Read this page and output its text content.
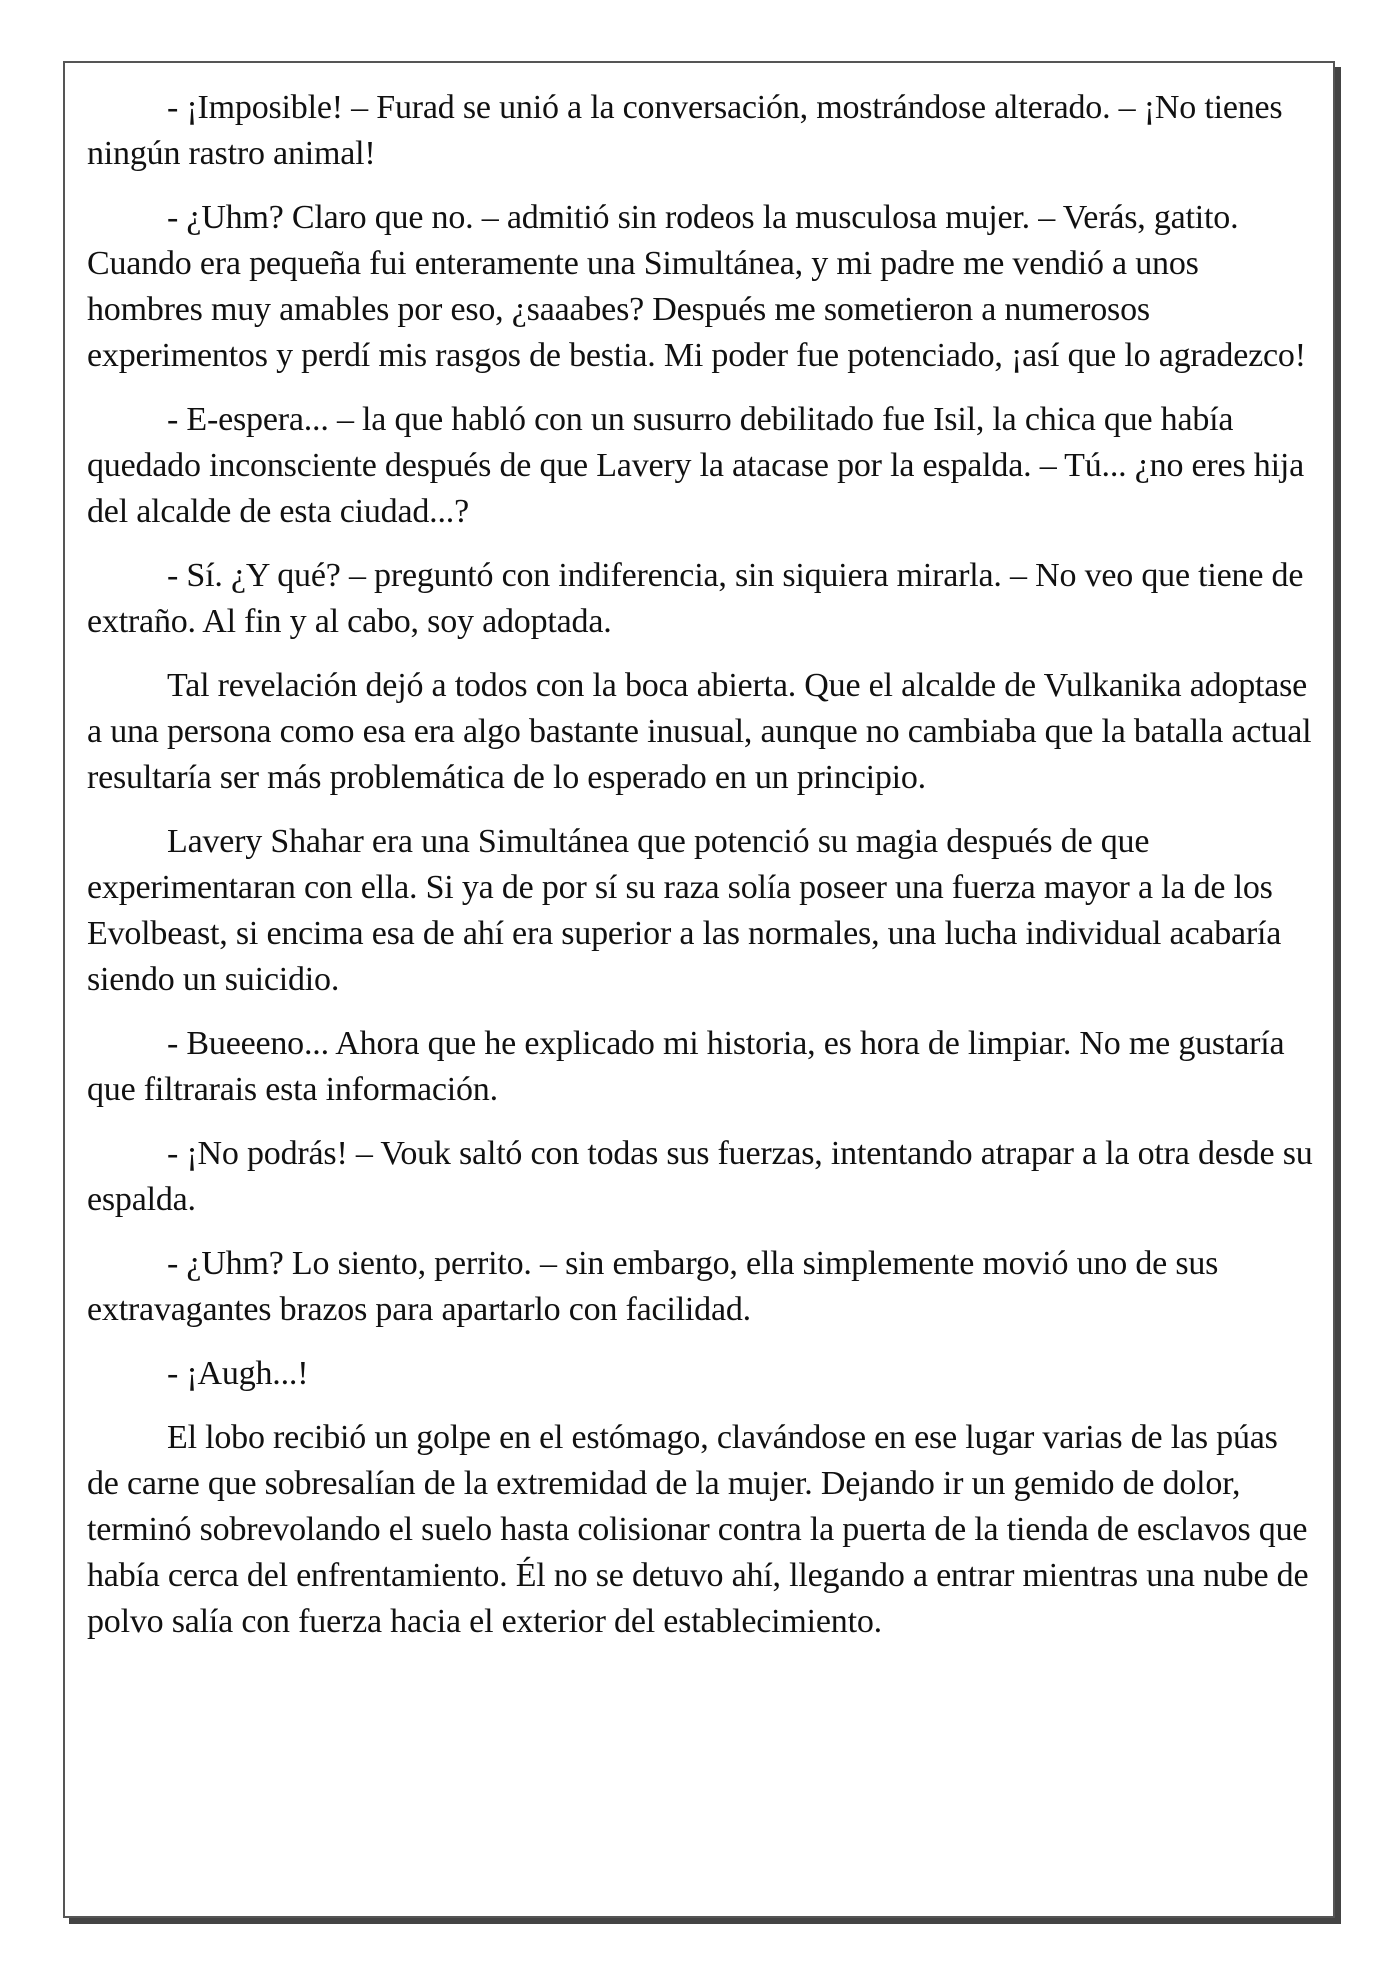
- ¡Imposible! – Furad se unió a la conversación, mostrándose alterado. – ¡No tienes ningún rastro animal!

- ¿Uhm? Claro que no. – admitió sin rodeos la musculosa mujer. – Verás, gatito. Cuando era pequeña fui enteramente una Simultánea, y mi padre me vendió a unos hombres muy amables por eso, ¿saaabes? Después me sometieron a numerosos experimentos y perdí mis rasgos de bestia. Mi poder fue potenciado, ¡así que lo agradezco!

- E-espera... – la que habló con un susurro debilitado fue Isil, la chica que había quedado inconsciente después de que Lavery la atacase por la espalda. – Tú... ¿no eres hija del alcalde de esta ciudad...?

- Sí. ¿Y qué? – preguntó con indiferencia, sin siquiera mirarla. – No veo que tiene de extraño. Al fin y al cabo, soy adoptada.

Tal revelación dejó a todos con la boca abierta. Que el alcalde de Vulkanika adoptase a una persona como esa era algo bastante inusual, aunque no cambiaba que la batalla actual resultaría ser más problemática de lo esperado en un principio.

Lavery Shahar era una Simultánea que potenció su magia después de que experimentaran con ella. Si ya de por sí su raza solía poseer una fuerza mayor a la de los Evolbeast, si encima esa de ahí era superior a las normales, una lucha individual acabaría siendo un suicidio.

- Bueeeno... Ahora que he explicado mi historia, es hora de limpiar. No me gustaría que filtrarais esta información.

- ¡No podrás! – Vouk saltó con todas sus fuerzas, intentando atrapar a la otra desde su espalda.

- ¿Uhm? Lo siento, perrito. – sin embargo, ella simplemente movió uno de sus extravagantes brazos para apartarlo con facilidad.

- ¡Augh...!

El lobo recibió un golpe en el estómago, clavándose en ese lugar varias de las púas de carne que sobresalían de la extremidad de la mujer. Dejando ir un gemido de dolor, terminó sobrevolando el suelo hasta colisionar contra la puerta de la tienda de esclavos que había cerca del enfrentamiento. Él no se detuvo ahí, llegando a entrar mientras una nube de polvo salía con fuerza hacia el exterior del establecimiento.
